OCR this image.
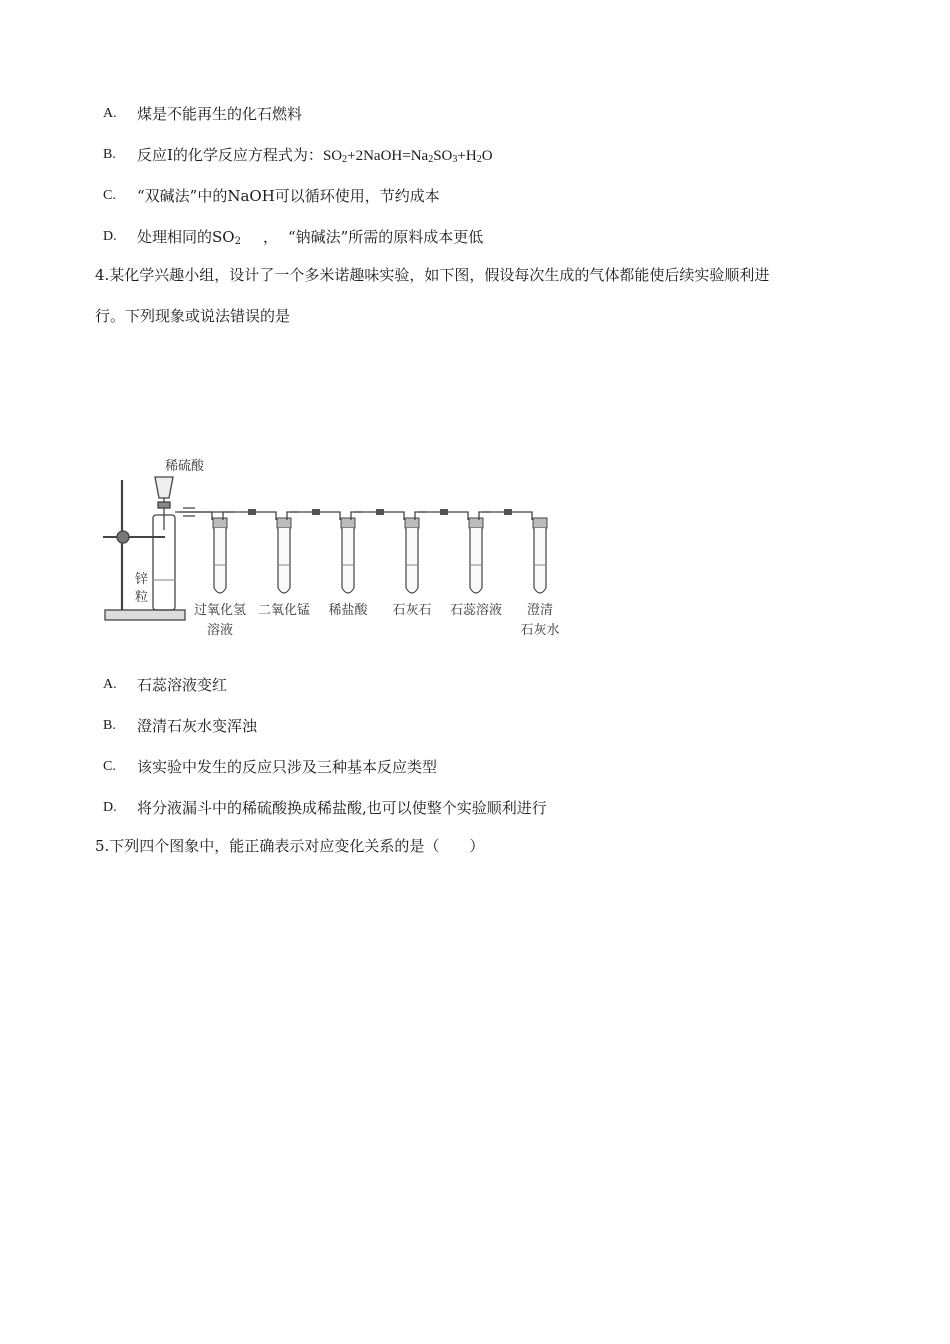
A. 煤是不能再生的化石燃料
B. 反应Ⅰ的化学反应方程式为：$SO_2+2NaOH=Na_2SO_3+H_2O$
C. “双碱法”中的NaOH可以循环使用，节约成本
D. 处理相同的$SO_2$ ， “钠碱法”所需的原料成本更低
4.某化学兴趣小组，设计了一个多米诺趣味实验，如下图，假设每次生成的气体都能使后续实验顺利进
行。下列现象或说法错误的是
稀硫酸
锌
粒
过氧化氢
溶液
二氧化锰 稀盐酸 石灰石 石蕊溶液 澄清
石灰水
A. 石蕊溶液变红
B. 澄清石灰水变浑浊
C. 该实验中发生的反应只涉及三种基本反应类型
D. 将分液漏斗中的稀硫酸换成稀盐酸,也可以使整个实验顺利进行
5.下列四个图象中，能正确表示对应变化关系的是（　　）
